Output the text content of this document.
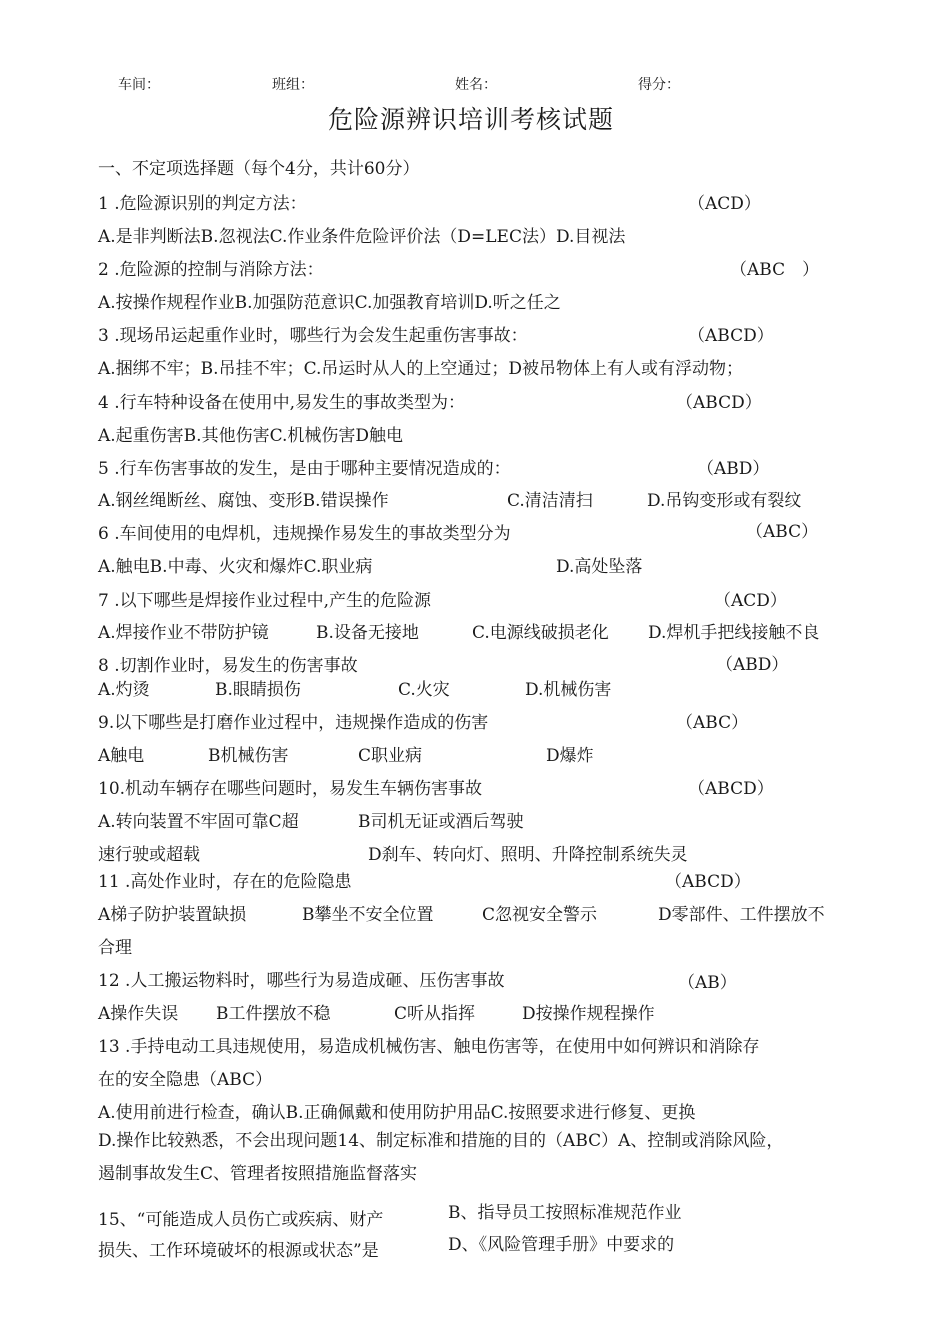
车间：	班组：	姓名：	得分：
危险源辨识培训考核试题
一、不定项选择题（每个4分，共计60分）
1 .危险源识别的判定方法：	（ACD）
A.是非判断法B.忽视法C.作业条件危险评价法（D=LEC法）D.目视法
2 .危险源的控制与消除方法：	（ABC　）
A.按操作规程作业B.加强防范意识C.加强教育培训D.听之任之
3 .现场吊运起重作业时，哪些行为会发生起重伤害事故：	（ABCD）
A.捆绑不牢；B.吊挂不牢；C.吊运时从人的上空通过；D被吊物体上有人或有浮动物；
4 .行车特种设备在使用中,易发生的事故类型为：	（ABCD）
A.起重伤害B.其他伤害C.机械伤害D触电
5 .行车伤害事故的发生，是由于哪种主要情况造成的：	（ABD）
A.钢丝绳断丝、腐蚀、变形B.错误操作	C.清洁清扫	D.吊钩变形或有裂纹
6 .车间使用的电焊机，违规操作易发生的事故类型分为	（ABC）
A.触电B.中毒、火灾和爆炸C.职业病	D.高处坠落
7 .以下哪些是焊接作业过程中,产生的危险源	（ACD）
A.焊接作业不带防护镜	B.设备无接地	C.电源线破损老化 D.焊机手把线接触不良
8 .切割作业时，易发生的伤害事故	（ABD）
A.灼烫	B.眼睛损伤	C.火灾	D.机械伤害
9.以下哪些是打磨作业过程中，违规操作造成的伤害	（ABC）
A触电	B机械伤害	C职业病	D爆炸
10.机动车辆存在哪些问题时，易发生车辆伤害事故	（ABCD）
A.转向装置不牢固可靠C超	B司机无证或酒后驾驶
速行驶或超载	D刹车、转向灯、照明、升降控制系统失灵
11 .高处作业时，存在的危险隐患	（ABCD）
A梯子防护装置缺损	B攀坐不安全位置	C忽视安全警示	D零部件、工件摆放不
合理
12 .人工搬运物料时，哪些行为易造成砸、压伤害事故	（AB）
A操作失误 B工件摆放不稳	C听从指挥	D按操作规程操作
13 .手持电动工具违规使用，易造成机械伤害、触电伤害等，在使用中如何辨识和消除存
在的安全隐患（ABC）
A.使用前进行检查，确认B.正确佩戴和使用防护用品C.按照要求进行修复、更换
D.操作比较熟悉，不会出现问题14、制定标准和措施的目的（ABC）A、控制或消除风险，
遏制事故发生C、管理者按照措施监督落实
15、“可能造成人员伤亡或疾病、财产
损失、工作环境破坏的根源或状态”是
B、指导员工按照标准规范作业
D、《风险管理手册》中要求的
